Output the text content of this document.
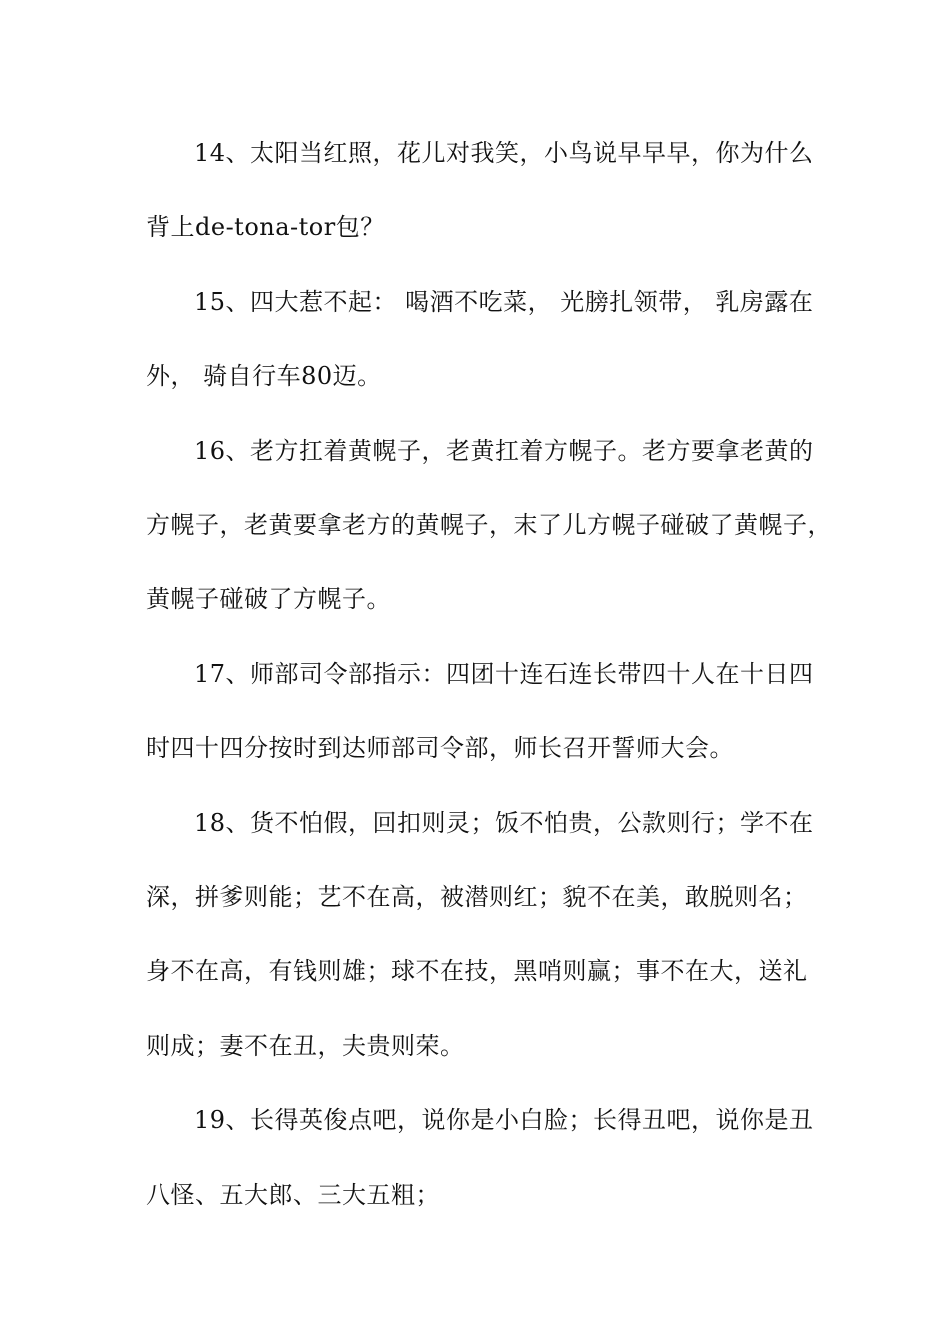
14、太阳当红照，花儿对我笑，小鸟说早早早，你为什么
背上de-tona-tor包？
15、四大惹不起： 喝酒不吃菜， 光膀扎领带， 乳房露在
外， 骑自行车80迈。
16、老方扛着黄幌子，老黄扛着方幌子。老方要拿老黄的
方幌子，老黄要拿老方的黄幌子，末了儿方幌子碰破了黄幌子，
黄幌子碰破了方幌子。
17、师部司令部指示：四团十连石连长带四十人在十日四
时四十四分按时到达师部司令部，师长召开誓师大会。
18、货不怕假，回扣则灵；饭不怕贵，公款则行；学不在
深，拼爹则能；艺不在高，被潜则红；貌不在美，敢脱则名；
身不在高，有钱则雄；球不在技，黑哨则赢；事不在大，送礼
则成；妻不在丑，夫贵则荣。
19、长得英俊点吧，说你是小白脸；长得丑吧，说你是丑
八怪、五大郎、三大五粗；
